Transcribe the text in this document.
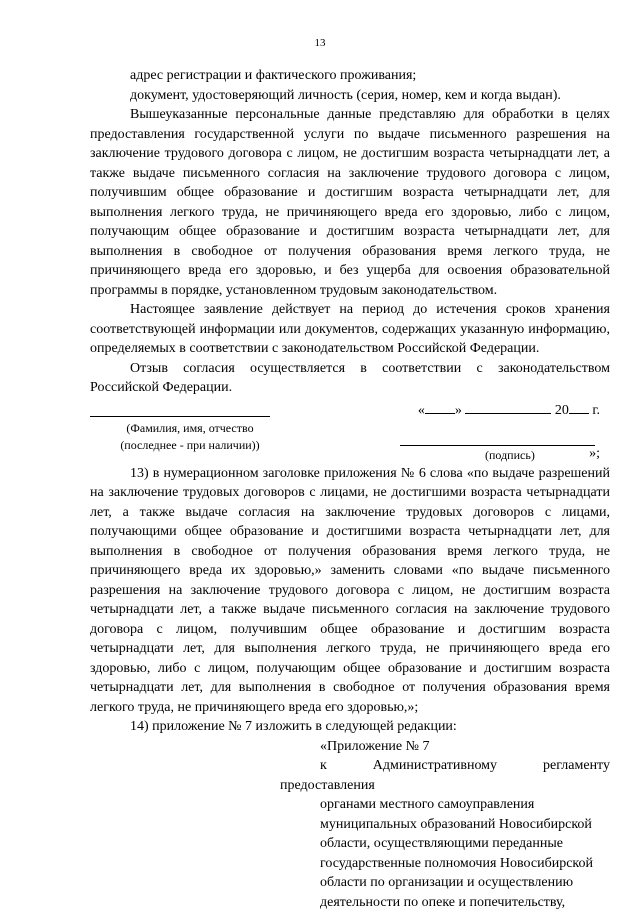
13

адрес регистрации и фактического проживания;

документ, удостоверяющий личность (серия, номер, кем и когда выдан).

Вышеуказанные персональные данные представляю для обработки в целях предоставления государственной услуги по выдаче письменного разрешения на заключение трудового договора с лицом, не достигшим возраста четырнадцати лет, а также выдаче письменного согласия на заключение трудового договора с лицом, получившим общее образование и достигшим возраста четырнадцати лет, для выполнения легкого труда, не причиняющего вреда его здоровью, либо с лицом, получающим общее образование и достигшим возраста четырнадцати лет, для выполнения в свободное от получения образования время легкого труда, не причиняющего вреда его здоровью, и без ущерба для освоения образовательной программы в порядке, установленном трудовым законодательством.

Настоящее заявление действует на период до истечения сроков хранения соответствующей информации или документов, содержащих указанную информацию, определяемых в соответствии с законодательством Российской Федерации.

Отзыв согласия осуществляется в соответствии с законодательством Российской Федерации.

(Фамилия, имя, отчество
(последнее - при наличии))
« »	20 г.
(подпись)	»;

13) в нумерационном заголовке приложения № 6 слова «по выдаче разрешений на заключение трудовых договоров с лицами, не достигшими возраста четырнадцати лет, а также выдаче согласия на заключение трудовых договоров с лицами, получающими общее образование и достигшими возраста четырнадцати лет, для выполнения в свободное от получения образования время легкого труда, не причиняющего вреда их здоровью,» заменить словами «по выдаче письменного разрешения на заключение трудового договора с лицом, не достигшим возраста четырнадцати лет, а также выдаче письменного согласия на заключение трудового договора с лицом, получившим общее образование и достигшим возраста четырнадцати лет, для выполнения легкого труда, не причиняющего вреда его здоровью, либо с лицом, получающим общее образование и достигшим возраста четырнадцати лет, для выполнения в свободное от получения образования время легкого труда, не причиняющего вреда его здоровью,»;

14) приложение № 7 изложить в следующей редакции:

«Приложение № 7

к Административному регламенту предоставления

органами местного самоуправления

муниципальных образований Новосибирской

области, осуществляющими переданные

государственные полномочия Новосибирской

области по организации и осуществлению

деятельности по опеке и попечительству,
